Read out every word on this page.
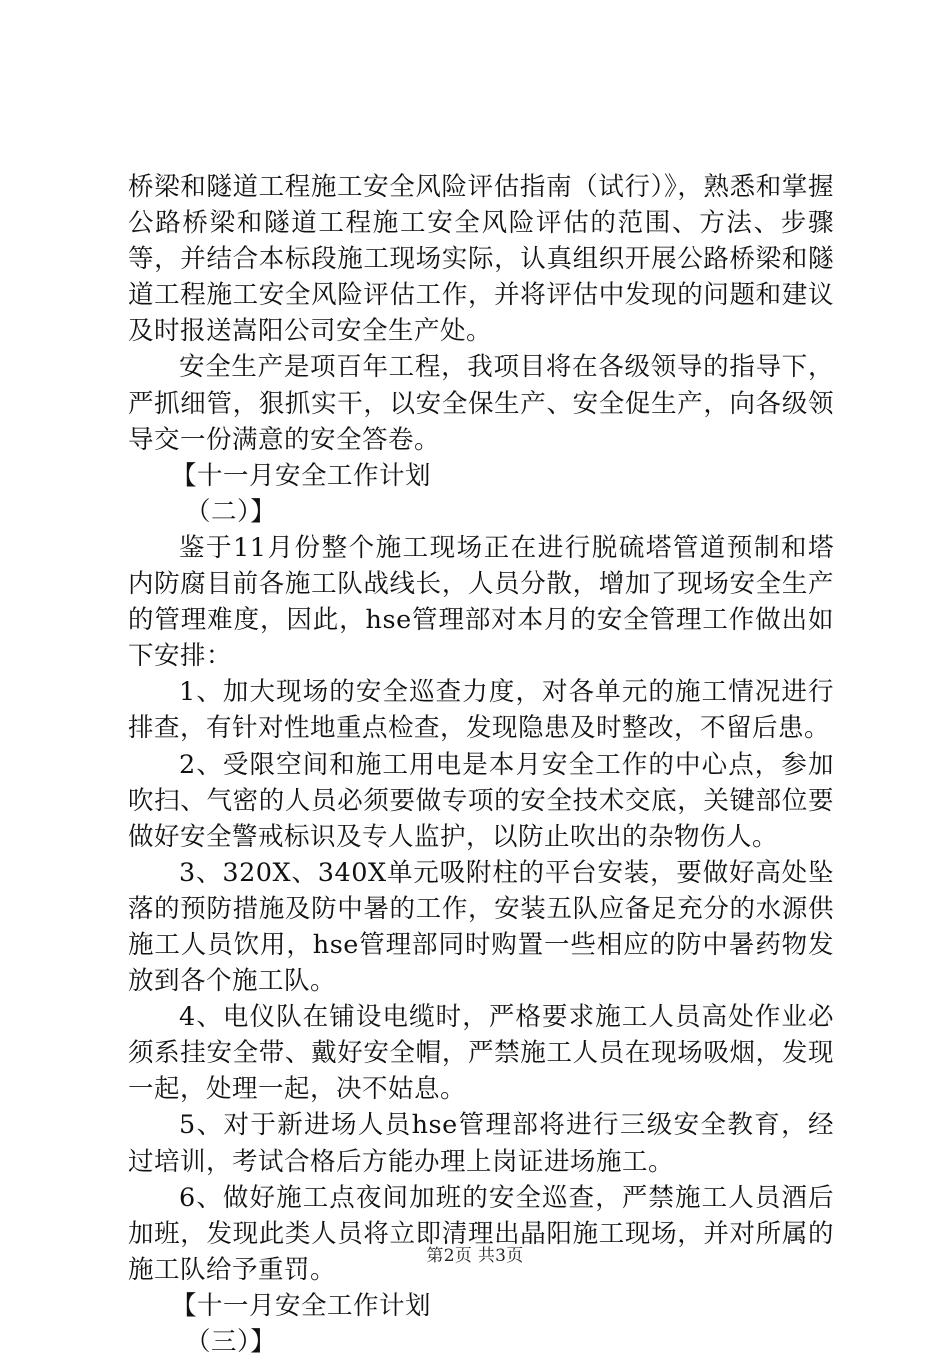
桥梁和隧道工程施工安全风险评估指南（试行）》，熟悉和掌握公路桥梁和隧道工程施工安全风险评估的范围、方法、步骤等，并结合本标段施工现场实际，认真组织开展公路桥梁和隧道工程施工安全风险评估工作，并将评估中发现的问题和建议及时报送嵩阳公司安全生产处。

安全生产是项百年工程，我项目将在各级领导的指导下，严抓细管，狠抓实干，以安全保生产、安全促生产，向各级领导交一份满意的安全答卷。

【十一月安全工作计划

（二）】

鉴于11月份整个施工现场正在进行脱硫塔管道预制和塔内防腐目前各施工队战线长，人员分散，增加了现场安全生产的管理难度，因此，hse管理部对本月的安全管理工作做出如下安排：

1、加大现场的安全巡查力度，对各单元的施工情况进行排查，有针对性地重点检查，发现隐患及时整改，不留后患。

2、受限空间和施工用电是本月安全工作的中心点，参加吹扫、气密的人员必须要做专项的安全技术交底，关键部位要做好安全警戒标识及专人监护，以防止吹出的杂物伤人。

3、320X、340X单元吸附柱的平台安装，要做好高处坠落的预防措施及防中暑的工作，安装五队应备足充分的水源供施工人员饮用，hse管理部同时购置一些相应的防中暑药物发放到各个施工队。

4、电仪队在铺设电缆时，严格要求施工人员高处作业必须系挂安全带、戴好安全帽，严禁施工人员在现场吸烟，发现一起，处理一起，决不姑息。

5、对于新进场人员hse管理部将进行三级安全教育，经过培训，考试合格后方能办理上岗证进场施工。

6、做好施工点夜间加班的安全巡查，严禁施工人员酒后加班，发现此类人员将立即清理出晶阳施工现场，并对所属的施工队给予重罚。

【十一月安全工作计划

（三）】

第2页 共3页
